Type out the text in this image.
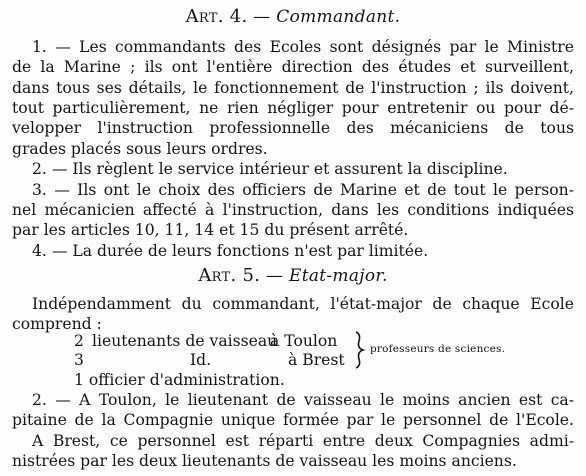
Art. 4. — Commandant.
1. — Les commandants des Ecoles sont désignés par le Ministre
de la Marine ; ils ont l'entière direction des études et surveillent,
dans tous ses détails, le fonctionnement de l'instruction ; ils doivent,
tout particulièrement, ne rien négliger pour entretenir ou pour dé-
velopper l'instruction professionnelle des mécaniciens de tous
grades placés sous leurs ordres.
2. — Ils règlent le service intérieur et assurent la discipline.
3. — Ils ont le choix des officiers de Marine et de tout le person-
nel mécanicien affecté à l'instruction, dans les conditions indiquées
par les articles 10, 11, 14 et 15 du présent arrêté.
4. — La durée de leurs fonctions n'est par limitée.
Art. 5. — Etat-major.
Indépendamment du commandant, l'état-major de chaque Ecole
comprend :
2 lieutenants de vaisseau
à Toulon
3	Id.	à Brest
professeurs de sciences.
1 officier d'administration.
2. — A Toulon, le lieutenant de vaisseau le moins ancien est ca-
pitaine de la Compagnie unique formée par le personnel de l'Ecole.
A Brest, ce personnel est réparti entre deux Compagnies admi-
nistrées par les deux lieutenants de vaisseau les moins anciens.
